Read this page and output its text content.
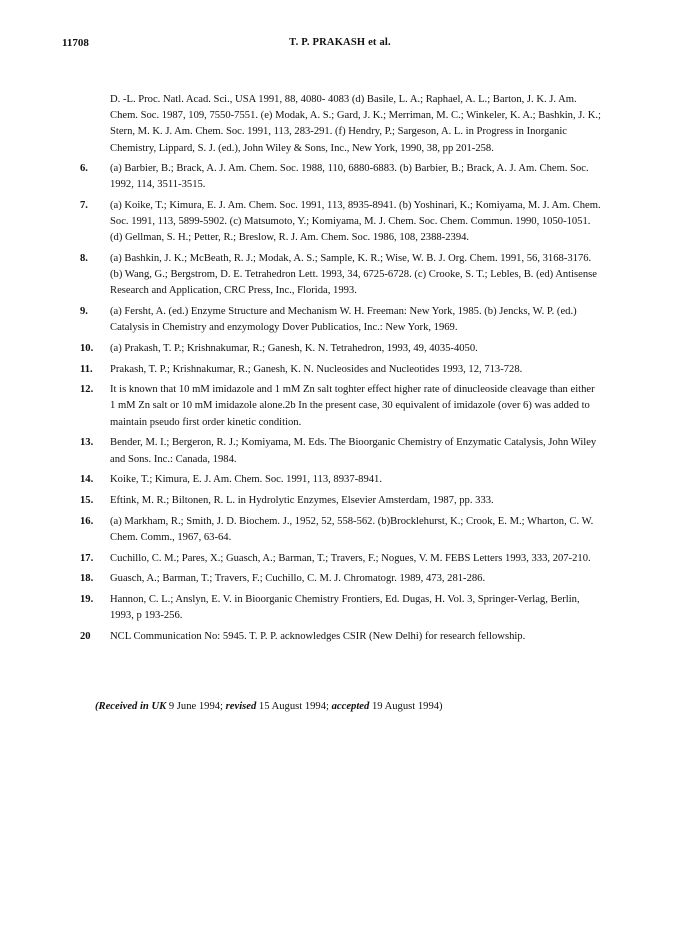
11708	T. P. PRAKASH et al.
D. -L. Proc. Natl. Acad. Sci., USA 1991, 88, 4080- 4083 (d) Basile, L. A.; Raphael, A. L.; Barton, J. K. J. Am. Chem. Soc. 1987, 109, 7550-7551. (e) Modak, A. S.; Gard, J. K.; Merriman, M. C.; Winkeler, K. A.; Bashkin, J. K.; Stern, M. K. J. Am. Chem. Soc. 1991, 113, 283-291. (f) Hendry, P.; Sargeson, A. L. in Progress in Inorganic Chemistry, Lippard, S. J. (ed.), John Wiley & Sons, Inc., New York, 1990, 38, pp 201-258.
6. (a) Barbier, B.; Brack, A. J. Am. Chem. Soc. 1988, 110, 6880-6883. (b) Barbier, B.; Brack, A. J. Am. Chem. Soc. 1992, 114, 3511-3515.
7. (a) Koike, T.; Kimura, E. J. Am. Chem. Soc. 1991, 113, 8935-8941. (b) Yoshinari, K.; Komiyama, M. J. Am. Chem. Soc. 1991, 113, 5899-5902. (c) Matsumoto, Y.; Komiyama, M. J. Chem. Soc. Chem. Commun. 1990, 1050-1051. (d) Gellman, S. H.; Petter, R.; Breslow, R. J. Am. Chem. Soc. 1986, 108, 2388-2394.
8. (a) Bashkin, J. K.; McBeath, R. J.; Modak, A. S.; Sample, K. R.; Wise, W. B. J. Org. Chem. 1991, 56, 3168-3176. (b) Wang, G.; Bergstrom, D. E. Tetrahedron Lett. 1993, 34, 6725-6728. (c) Crooke, S. T.; Lebles, B. (ed) Antisense Research and Application, CRC Press, Inc., Florida, 1993.
9. (a) Fersht, A. (ed.) Enzyme Structure and Mechanism W. H. Freeman: New York, 1985. (b) Jencks, W. P. (ed.) Catalysis in Chemistry and enzymology Dover Publicatios, Inc.: New York, 1969.
10. (a) Prakash, T. P.; Krishnakumar, R.; Ganesh, K. N. Tetrahedron, 1993, 49, 4035-4050.
11. Prakash, T. P.; Krishnakumar, R.; Ganesh, K. N. Nucleosides and Nucleotides 1993, 12, 713-728.
12. It is known that 10 mM imidazole and 1 mM Zn salt toghter effect higher rate of dinucleoside cleavage than either 1 mM Zn salt or 10 mM imidazole alone.2b In the present case, 30 equivalent of imidazole (over 6) was added to maintain pseudo first order kinetic condition.
13. Bender, M. I.; Bergeron, R. J.; Komiyama, M. Eds. The Bioorganic Chemistry of Enzymatic Catalysis, John Wiley and Sons. Inc.: Canada, 1984.
14. Koike, T.; Kimura, E. J. Am. Chem. Soc. 1991, 113, 8937-8941.
15. Eftink, M. R.; Biltonen, R. L. in Hydrolytic Enzymes, Elsevier Amsterdam, 1987, pp. 333.
16. (a) Markham, R.; Smith, J. D. Biochem. J., 1952, 52, 558-562. (b)Brocklehurst, K.; Crook, E. M.; Wharton, C. W. Chem. Comm., 1967, 63-64.
17. Cuchillo, C. M.; Pares, X.; Guasch, A.; Barman, T.; Travers, F.; Nogues, V. M. FEBS Letters 1993, 333, 207-210.
18. Guasch, A.; Barman, T.; Travers, F.; Cuchillo, C. M. J. Chromatogr. 1989, 473, 281-286.
19. Hannon, C. L.; Anslyn, E. V. in Bioorganic Chemistry Frontiers, Ed. Dugas, H. Vol. 3, Springer-Verlag, Berlin, 1993, p 193-256.
20 NCL Communication No: 5945. T. P. P. acknowledges CSIR (New Delhi) for research fellowship.
(Received in UK 9 June 1994; revised 15 August 1994; accepted 19 August 1994)
